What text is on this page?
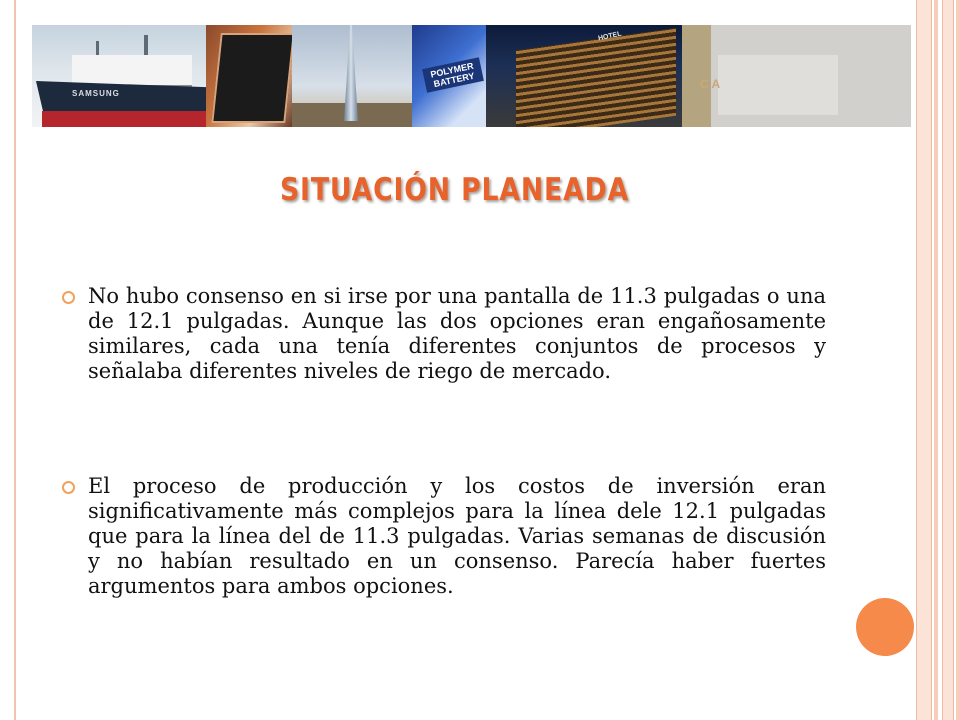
SAMSUNG
POLYMER BATTERY
HOTEL
C A
SITUACIÓN PLANEADA
No hubo consenso en si irse por una pantalla de 11.3 pulgadas o una de 12.1 pulgadas. Aunque las dos opciones eran engañosamente similares, cada una tenía diferentes conjuntos de procesos y señalaba diferentes niveles de riego de mercado.
El proceso de producción y los costos de inversión eran significativamente más complejos para la línea dele 12.1 pulgadas que para la línea del de 11.3 pulgadas. Varias semanas de discusión y no habían resultado en un consenso. Parecía haber fuertes argumentos para ambos opciones.
